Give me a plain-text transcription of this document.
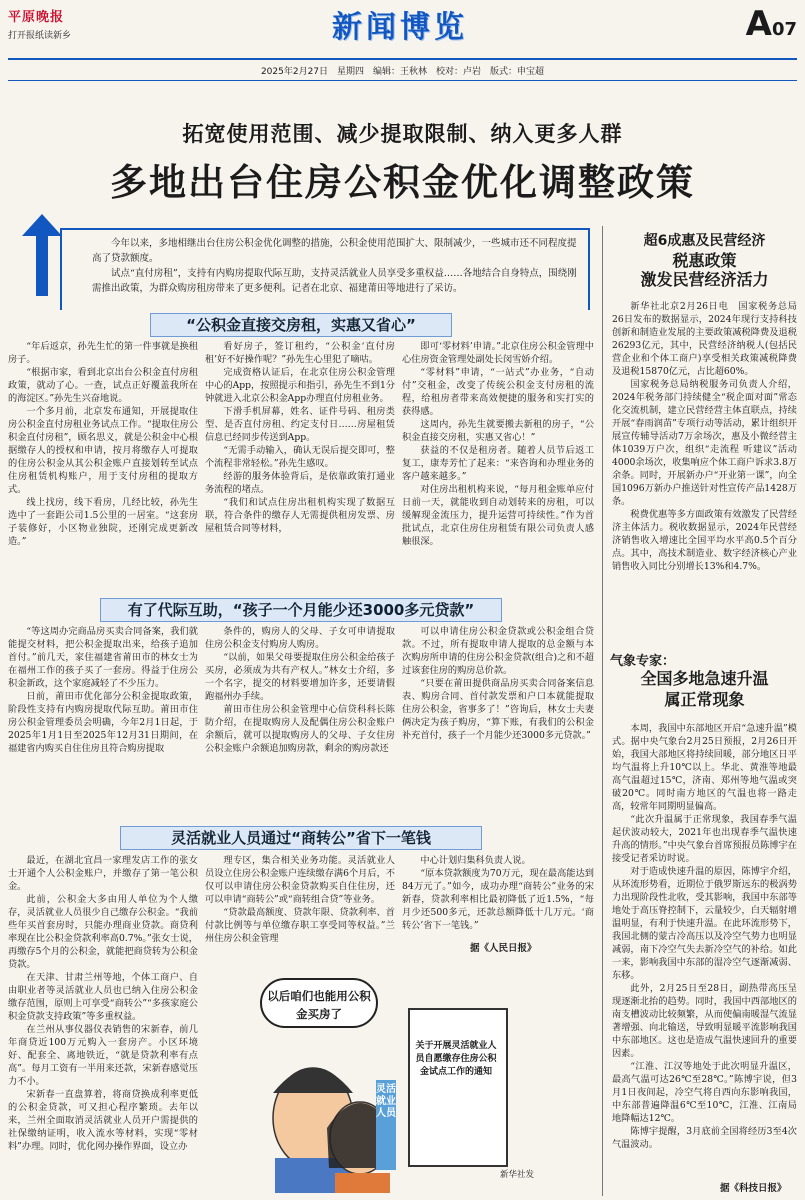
平原晚报
打开报纸读新乡	新闻博览	A07
2025年2月27日　星期四　编辑：王秋林　校对：卢岩　版式：申宝超
拓宽使用范围、减少提取限制、纳入更多人群
多地出台住房公积金优化调整政策

今年以来，多地相继出台住房公积金优化调整的措施，公积金使用范围扩大、限制减少，一些城市还不同程度提高了贷款额度。

试点“直付房租”，支持有内购房提取代际互助，支持灵活就业人员享受多重权益……各地结合自身特点，围绕刚需推出政策，为群众购房租房带来了更多便利。记者在北京、福建莆田等地进行了采访。

“公积金直接交房租，实惠又省心”

“年后返京，孙先生忙的第一件事就是换租房子。

“根据市家，看到北京出台公积金直付房租政策，就动了心。一查，试点正好覆盖我所在的海淀区。”孙先生兴奋地说。

一个多月前，北京发布通知，开展提取住房公积金直付房租业务试点工作。“提取住房公积金直付房租”，顾名思义，就是公积金中心根据缴存人的授权和申请，按月将缴存人可提取的住房公积金从其公积金账户直接划转至试点住房租赁机构账户，用于支付房租的提取方式。

线上找房，线下看房，几经比较，孙先生选中了一套距公司1.5公里的一居室。“这套房子装修好，小区物业独院，还刚完成更新改造。”

看好房子，签订租约，“公积金‘直付房租’好不好操作呢？”孙先生心里犯了嘀咕。

完成资格认证后，在北京住房公积金管理中心的App，按照提示和指引，孙先生不到1分钟就进入北京公积金App办理直付房租业务。

下滑手机屏幕，姓名、证件号码、租房类型、是否直付房租、约定支付日……房屋租赁信息已经同步传送到App。

“无需手动输入，确认无误后提交即可，整个流程非常轻松。”孙先生感叹。

经游的服务体验背后，是依靠政策打通业务流程的堵点。

“我们和试点住房出租机构实现了数据互联，符合条件的缴存人无需提供租房发票、房屋租赁合同等材料，

即可‘零材料’申请。”北京住房公积金管理中心住房资金管理处副处长闵雪娇介绍。

“零材料”申请，“一站式”办业务，“自动付”交租金，改变了传统公积金支付房租的流程，给租房者带来高效便捷的服务和实打实的获得感。

这周内，孙先生就要搬去新租的房子，“公积金直接交房租，实惠又省心！”

获益的不仅是租房者。随着人员节后返工复工，康寿芳忙了起来：“来咨询和办理业务的客户越来越多。”

对住房出租机构来说，“每月租金账单应付日前一天，就能收到自动划转来的房租，可以缓解现金流压力，提升运营可持续性。”作为首批试点，北京住房住房租赁有限公司负责人感触很深。

有了代际互助，“孩子一个月能少还3000多元贷款”

“等这周办完商品房买卖合同备案，我们就能提交材料，把公积金提取出来，给孩子追加首付。”前几天，家住福建省莆田市的林女士为在福州工作的孩子买了一套房。得益于住房公积金新政，这个家庭减轻了不少压力。

日前，莆田市优化部分公积金提取政策，阶段性支持有内购房提取代际互助。莆田市住房公积金管理委员会明确，今年2月1日起，于2025年1月1日至2025年12月31日期间，在福建省内购买自住住房且符合购房提取

条件的，购房人的父母、子女可申请提取住房公积金支付购房人购房。

“以前，如果父母要提取住房公积金给孩子买房，必须成为共有产权人。”林女士介绍，多一个名字，提交的材料要增加许多，还要请假跑福州办手续。

莆田市住房公积金管理中心信贷科科长陈防介绍，在提取购房人及配偶住房公积金账户余额后，就可以提取购房人的父母、子女住房公积金账户余额追加购房款，剩余的购房款还

可以申请住房公积金贷款或公积金组合贷款。不过，所有提取申请人提取的总金额与本次购房所申请的住房公积金贷款(组合)之和不超过该套住房的购房总价款。

“只要在莆田提供商品房买卖合同备案信息表、购房合同、首付款发票和户口本就能提取住房公积金，省事多了！”咨询后，林女士夫妻俩决定为孩子购房，“算下账，有我们的公积金补充首付，孩子一个月能少还3000多元贷款。”

灵活就业人员通过“商转公”省下一笔钱

最近，在湖北宜昌一家理发店工作的张女士开通个人公积金账户，并缴存了第一笔公积金。

此前，公积金大多由用人单位为个人缴存，灵活就业人员很少自己缴存公积金。“我前些年买首套房时，只能办理商业贷款。商贷利率现在比公积金贷款利率高0.7%。”张女士说，再缴存5个月的公积金，就能把商贷转为公积金贷款。

在天津、甘肃兰州等地，个体工商户、自由职业者等灵活就业人员也已纳入住房公积金缴存范围，原则上可享受“商转公”“多孩家庭公积金贷款支持政策”等多重权益。

在兰州从事仪器仪表销售的宋新春，前几年商贷近100万元购入一套房产。小区环境好、配套全、离地铁近，“就是贷款利率有点高”。每月工资有一半用来还款，宋新春感觉压力不小。

宋新春一直盘算着，将商贷换成利率更低的公积金贷款，可又担心程序繁琐。去年以来，兰州全面取消灵活就业人员开户需提供的社保缴纳证明，收入流水等材料，实现“零材料”办理。同时，优化网办操作界面，设立办

理专区，集合相关业务功能。灵活就业人员设立住房公积金账户连续缴存满6个月后，不仅可以申请住房公积金贷款购买自住住房，还可以申请“商转公”或“商转组合贷”等业务。

“贷款最高额度、贷款年限、贷款利率、首付款比例等与单位缴存职工享受同等权益。”兰州住房公积金管理

中心计划归集科负责人说。

“原本贷款额度为70万元，现在最高能达到84万元了。”如今，成功办理“商转公”业务的宋新春，贷款利率相比最初降低了近1.5%，“每月少还500多元，还款总额降低十几万元。‘商转公’省下一笔钱。”

据《人民日报》
以后咱们也能用公积金买房了
关于开展灵活就业人员自愿缴存住房公积金试点工作的通知
灵活就业人员
新华社发
超6成惠及民营经济
税惠政策
激发民营经济活力

新华社北京2月26日电　国家税务总局26日发布的数据显示，2024年现行支持科技创新和制造业发展的主要政策减税降费及退税26293亿元，其中，民营经济纳税人(包括民营企业和个体工商户)享受相关政策减税降费及退税15870亿元，占比超60%。

国家税务总局纳税服务司负责人介绍，2024年税务部门持续健全“税企面对面”常态化交流机制，建立民营经营主体直联点，持续开展“春雨润苗”专项行动等活动，累计组织开展宣传辅导活动7万余场次，惠及小微经营主体1039万户次，组织“走流程 听建议”活动4000余场次，收集响应个体工商户诉求3.8万余条。同时，开展新办户“开业第一课”，向全国1096万新办户推送针对性宣传产品1428万条。

税费优惠等多方面政策有效激发了民营经济主体活力。税收数据显示，2024年民营经济销售收入增速比全国平均水平高0.5个百分点。其中，高技术制造业、数字经济核心产业销售收入同比分别增长13%和4.7%。

气象专家：
全国多地急速升温
属正常现象

本周，我国中东部地区开启“急速升温”模式。据中央气象台2月25日预报，2月26日开始，我国大部地区将持续回暖，部分地区日平均气温将上升10℃以上。华北、黄淮等地最高气温超过15℃，济南、郑州等地气温或突破20℃。同时南方地区的气温也将一路走高，较常年同期明显偏高。

“此次升温属于正常现象，我国春季气温起伏波动较大，2021年也出现春季气温快速升高的情形。”中央气象台首席预报员陈博宇在接受记者采访时说。

对于造成快速升温的原因，陈博宇介绍，从环流形势看，近期位于俄罗斯远东的极涡势力出现阶段性北收，受其影响，我国中东部等地处于高压脊控制下，云量较少，白天辐射增温明显，有利于快速升温。在此环流形势下，我国北侧的蒙古冷高压以及冷空气势力也明显减弱，南下冷空气失去新冷空气的补给。如此一来，影响我国中东部的湿冷空气逐渐减弱、东移。

此外，2月25日至28日，副热带高压呈现逐渐北抬的趋势。同时，我国中西部地区的南支槽波动比较频繁，从而使偏南暖湿气流显著增强、向北输送，导致明显暖平流影响我国中东部地区。这也是造成气温快速回升的重要因素。

“江淮、江汉等地处于此次明显升温区，最高气温可达26℃至28℃。”陈博宇说，但3月1日夜间起，冷空气将自西向东影响我国，中东部普遍降温6℃至10℃，江淮、江南局地降幅达12℃。

陈博宇提醒，3月底前全国将经历3至4次气温波动。

据《科技日报》
